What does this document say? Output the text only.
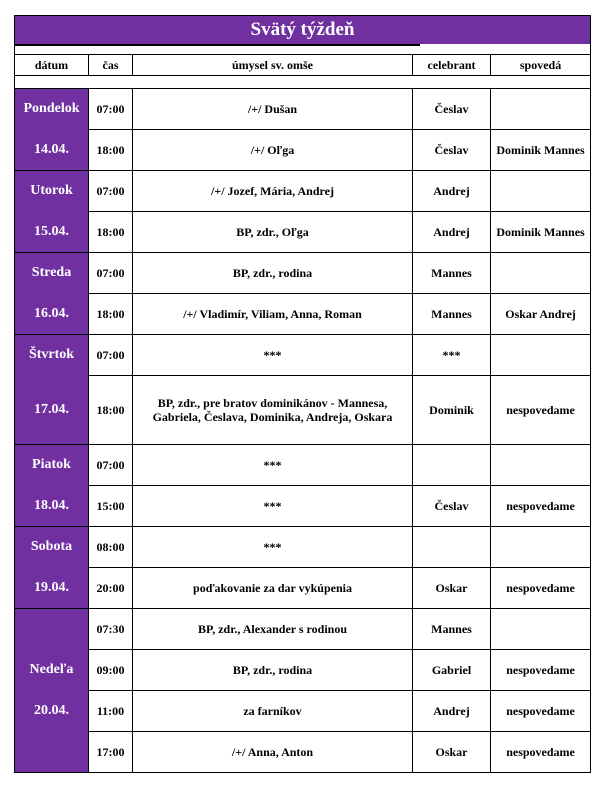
Svätý týždeň				

dátum	čas	úmysel sv. omše	celebrant	spovedá

Pondelok	07:00	/+/ Dušan	Česlav	
14.04.	18:00	/+/ Oľga	Česlav	Dominik Mannes
Utorok	07:00	/+/ Jozef, Mária, Andrej	Andrej	
15.04.	18:00	BP, zdr., Oľga	Andrej	Dominik Mannes
Streda	07:00	BP, zdr., rodina	Mannes	
16.04.	18:00	/+/ Vladimír, Viliam, Anna, Roman	Mannes	Oskar Andrej
Štvrtok	07:00	***	***	
17.04.	18:00	BP, zdr., pre bratov dominikánov - Mannesa, Gabriela, Česlava, Dominika, Andreja, Oskara	Dominik	nespovedame
Piatok	07:00	***		
18.04.	15:00	***	Česlav	nespovedame
Sobota	08:00	***		
19.04.	20:00	poďakovanie za dar vykúpenia	Oskar	nespovedame
	07:30	BP, zdr., Alexander s rodinou	Mannes	
Nedeľa	09:00	BP, zdr., rodina	Gabriel	nespovedame
20.04.	11:00	za farníkov	Andrej	nespovedame
	17:00	/+/ Anna, Anton	Oskar	nespovedame
